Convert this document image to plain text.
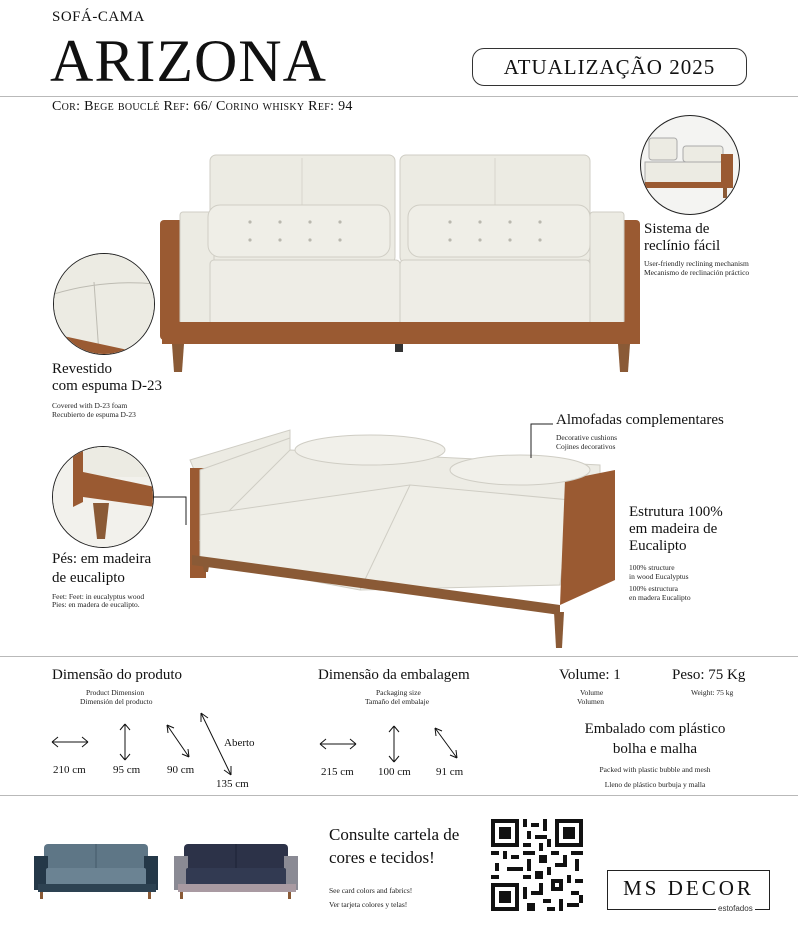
SOFÁ-CAMA
ARIZONA	ATUALIZAÇÃO 2025
Cor: Bege bouclé Ref: 66/ Corino whisky Ref: 94
Sistema de
reclínio fácil
User-friendly reclining mechanism
Mecanismo de reclinación práctico
Revestido
com espuma D-23
Covered with D-23 foam
Recubierto de espuma D-23	Almofadas complementares
Decorative cushions
Cojines decorativos
Pés: em madeira
de eucalipto
Feet: Feet: in eucalyptus wood
Pies: en madera de eucalipto.
Estrutura 100%
em madeira de
Eucalipto
100% structure
in wood Eucalyptus
100% estructura
en madera Eucalipto
Dimensão do produto
Product Dimension
Dimensión del producto
210 cm 95 cm 90 cm
Aberto
135 cm
Dimensão da embalagem
Packaging size
Tamaño del embalaje
215 cm 100 cm 91 cm
Volume: 1
Volume
Volumen
Peso: 75 Kg
Weight: 75 kg
Embalado com plástico
bolha e malha
Packed with plastic bubble and mesh
Lleno de plástico burbuja y malla
Consulte cartela de
cores e tecidos!
See card colors and fabrics!
Ver tarjeta colores y telas!
MS DECOR
estofados
